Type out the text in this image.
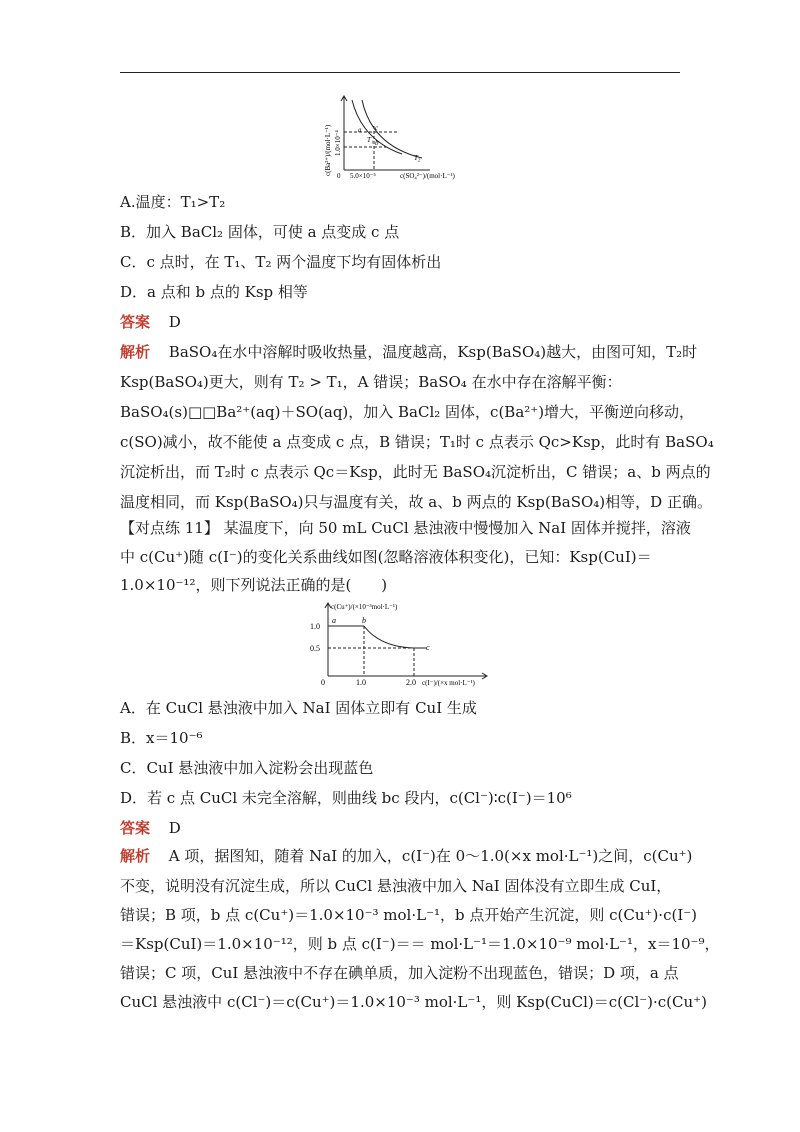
c(Ba²⁺)/(mol·L⁻¹) 1.0×10⁻⁴
0 5.0×10⁻⁵	c(SO₄²⁻)/(mol·L⁻¹)
a
b
c
T₁
T₂
A.温度：T₁>T₂
B．加入 BaCl₂ 固体，可使 a 点变成 c 点
C．c 点时，在 T₁、T₂ 两个温度下均有固体析出
D．a 点和 b 点的 Ksp 相等
答案 D
解析 BaSO₄在水中溶解时吸收热量，温度越高，Ksp(BaSO₄)越大，由图可知，T₂时
Ksp(BaSO₄)更大，则有 T₂ > T₁，A 错误；BaSO₄ 在水中存在溶解平衡：
BaSO₄(s)□□Ba²⁺(aq)＋SO(aq)，加入 BaCl₂ 固体，c(Ba²⁺)增大，平衡逆向移动，
c(SO)减小，故不能使 a 点变成 c 点，B 错误；T₁时 c 点表示 Qc>Ksp，此时有 BaSO₄
沉淀析出，而 T₂时 c 点表示 Qc＝Ksp，此时无 BaSO₄沉淀析出，C 错误；a、b 两点的
温度相同，而 Ksp(BaSO₄)只与温度有关，故 a、b 两点的 Ksp(BaSO₄)相等，D 正确。
【对点练 11】 某温度下，向 50 mL CuCl 悬浊液中慢慢加入 NaI 固体并搅拌，溶液
中 c(Cu⁺)随 c(I⁻)的变化关系曲线如图(忽略溶液体积变化)，已知：Ksp(CuI)＝
1.0×10⁻¹²，则下列说法正确的是(　　)
c(Cu⁺)/(×10⁻³mol·L⁻¹)
1.0
0.5
0	1.0	2.0 c(I⁻)/(×x mol·L⁻¹)
a	b
c
A．在 CuCl 悬浊液中加入 NaI 固体立即有 CuI 生成
B．x＝10⁻⁶
C．CuI 悬浊液中加入淀粉会出现蓝色
D．若 c 点 CuCl 未完全溶解，则曲线 bc 段内，c(Cl⁻)∶c(I⁻)＝10⁶
答案 D
解析 A 项，据图知，随着 NaI 的加入，c(I⁻)在 0～1.0(×x mol·L⁻¹)之间，c(Cu⁺)
不变，说明没有沉淀生成，所以 CuCl 悬浊液中加入 NaI 固体没有立即生成 CuI，
错误；B 项，b 点 c(Cu⁺)＝1.0×10⁻³ mol·L⁻¹，b 点开始产生沉淀，则 c(Cu⁺)·c(I⁻)
＝Ksp(CuI)＝1.0×10⁻¹²，则 b 点 c(I⁻)＝＝ mol·L⁻¹＝1.0×10⁻⁹ mol·L⁻¹，x＝10⁻⁹，
错误；C 项，CuI 悬浊液中不存在碘单质，加入淀粉不出现蓝色，错误；D 项，a 点
CuCl 悬浊液中 c(Cl⁻)＝c(Cu⁺)＝1.0×10⁻³ mol·L⁻¹，则 Ksp(CuCl)＝c(Cl⁻)·c(Cu⁺)
